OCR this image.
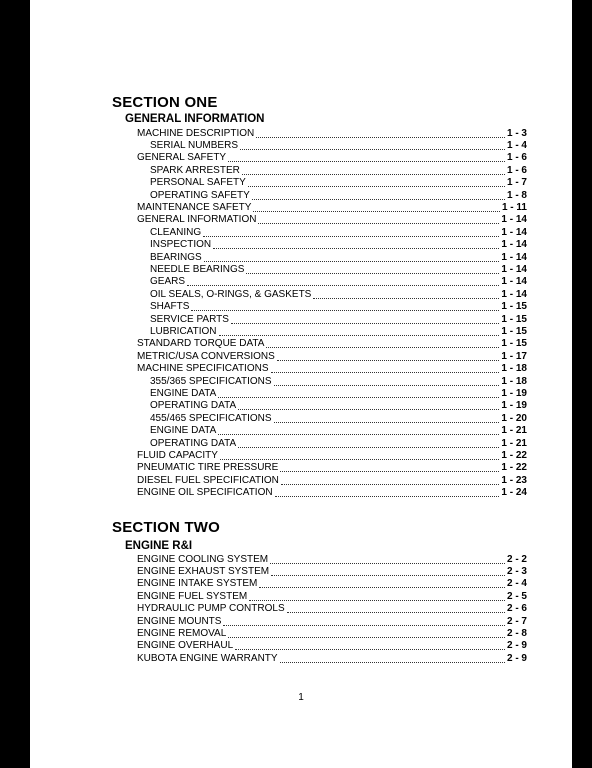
SECTION ONE
GENERAL INFORMATION
MACHINE DESCRIPTION	1 - 3
SERIAL NUMBERS	1 - 4
GENERAL SAFETY	1 - 6
SPARK ARRESTER	1 - 6
PERSONAL SAFETY	1 - 7
OPERATING SAFETY	1 - 8
MAINTENANCE SAFETY	1 - 11
GENERAL INFORMATION	1 - 14
CLEANING	1 - 14
INSPECTION	1 - 14
BEARINGS	1 - 14
NEEDLE BEARINGS	1 - 14
GEARS	1 - 14
OIL SEALS, O-RINGS, & GASKETS	1 - 14
SHAFTS	1 - 15
SERVICE PARTS	1 - 15
LUBRICATION	1 - 15
STANDARD TORQUE DATA	1 - 15
METRIC/USA CONVERSIONS	1 - 17
MACHINE SPECIFICATIONS	1 - 18
355/365 SPECIFICATIONS	1 - 18
ENGINE DATA	1 - 19
OPERATING DATA	1 - 19
455/465 SPECIFICATIONS	1 - 20
ENGINE DATA	1 - 21
OPERATING DATA	1 - 21
FLUID CAPACITY	1 - 22
PNEUMATIC TIRE PRESSURE	1 - 22
DIESEL FUEL SPECIFICATION	1 - 23
ENGINE OIL SPECIFICATION	1 - 24
SECTION TWO
ENGINE R&I
ENGINE COOLING SYSTEM	2 - 2
ENGINE EXHAUST SYSTEM	2 - 3
ENGINE INTAKE SYSTEM	2 - 4
ENGINE FUEL SYSTEM	2 - 5
HYDRAULIC PUMP CONTROLS	2 - 6
ENGINE MOUNTS	2 - 7
ENGINE REMOVAL	2 - 8
ENGINE OVERHAUL	2 - 9
KUBOTA ENGINE WARRANTY	2 - 9
1
